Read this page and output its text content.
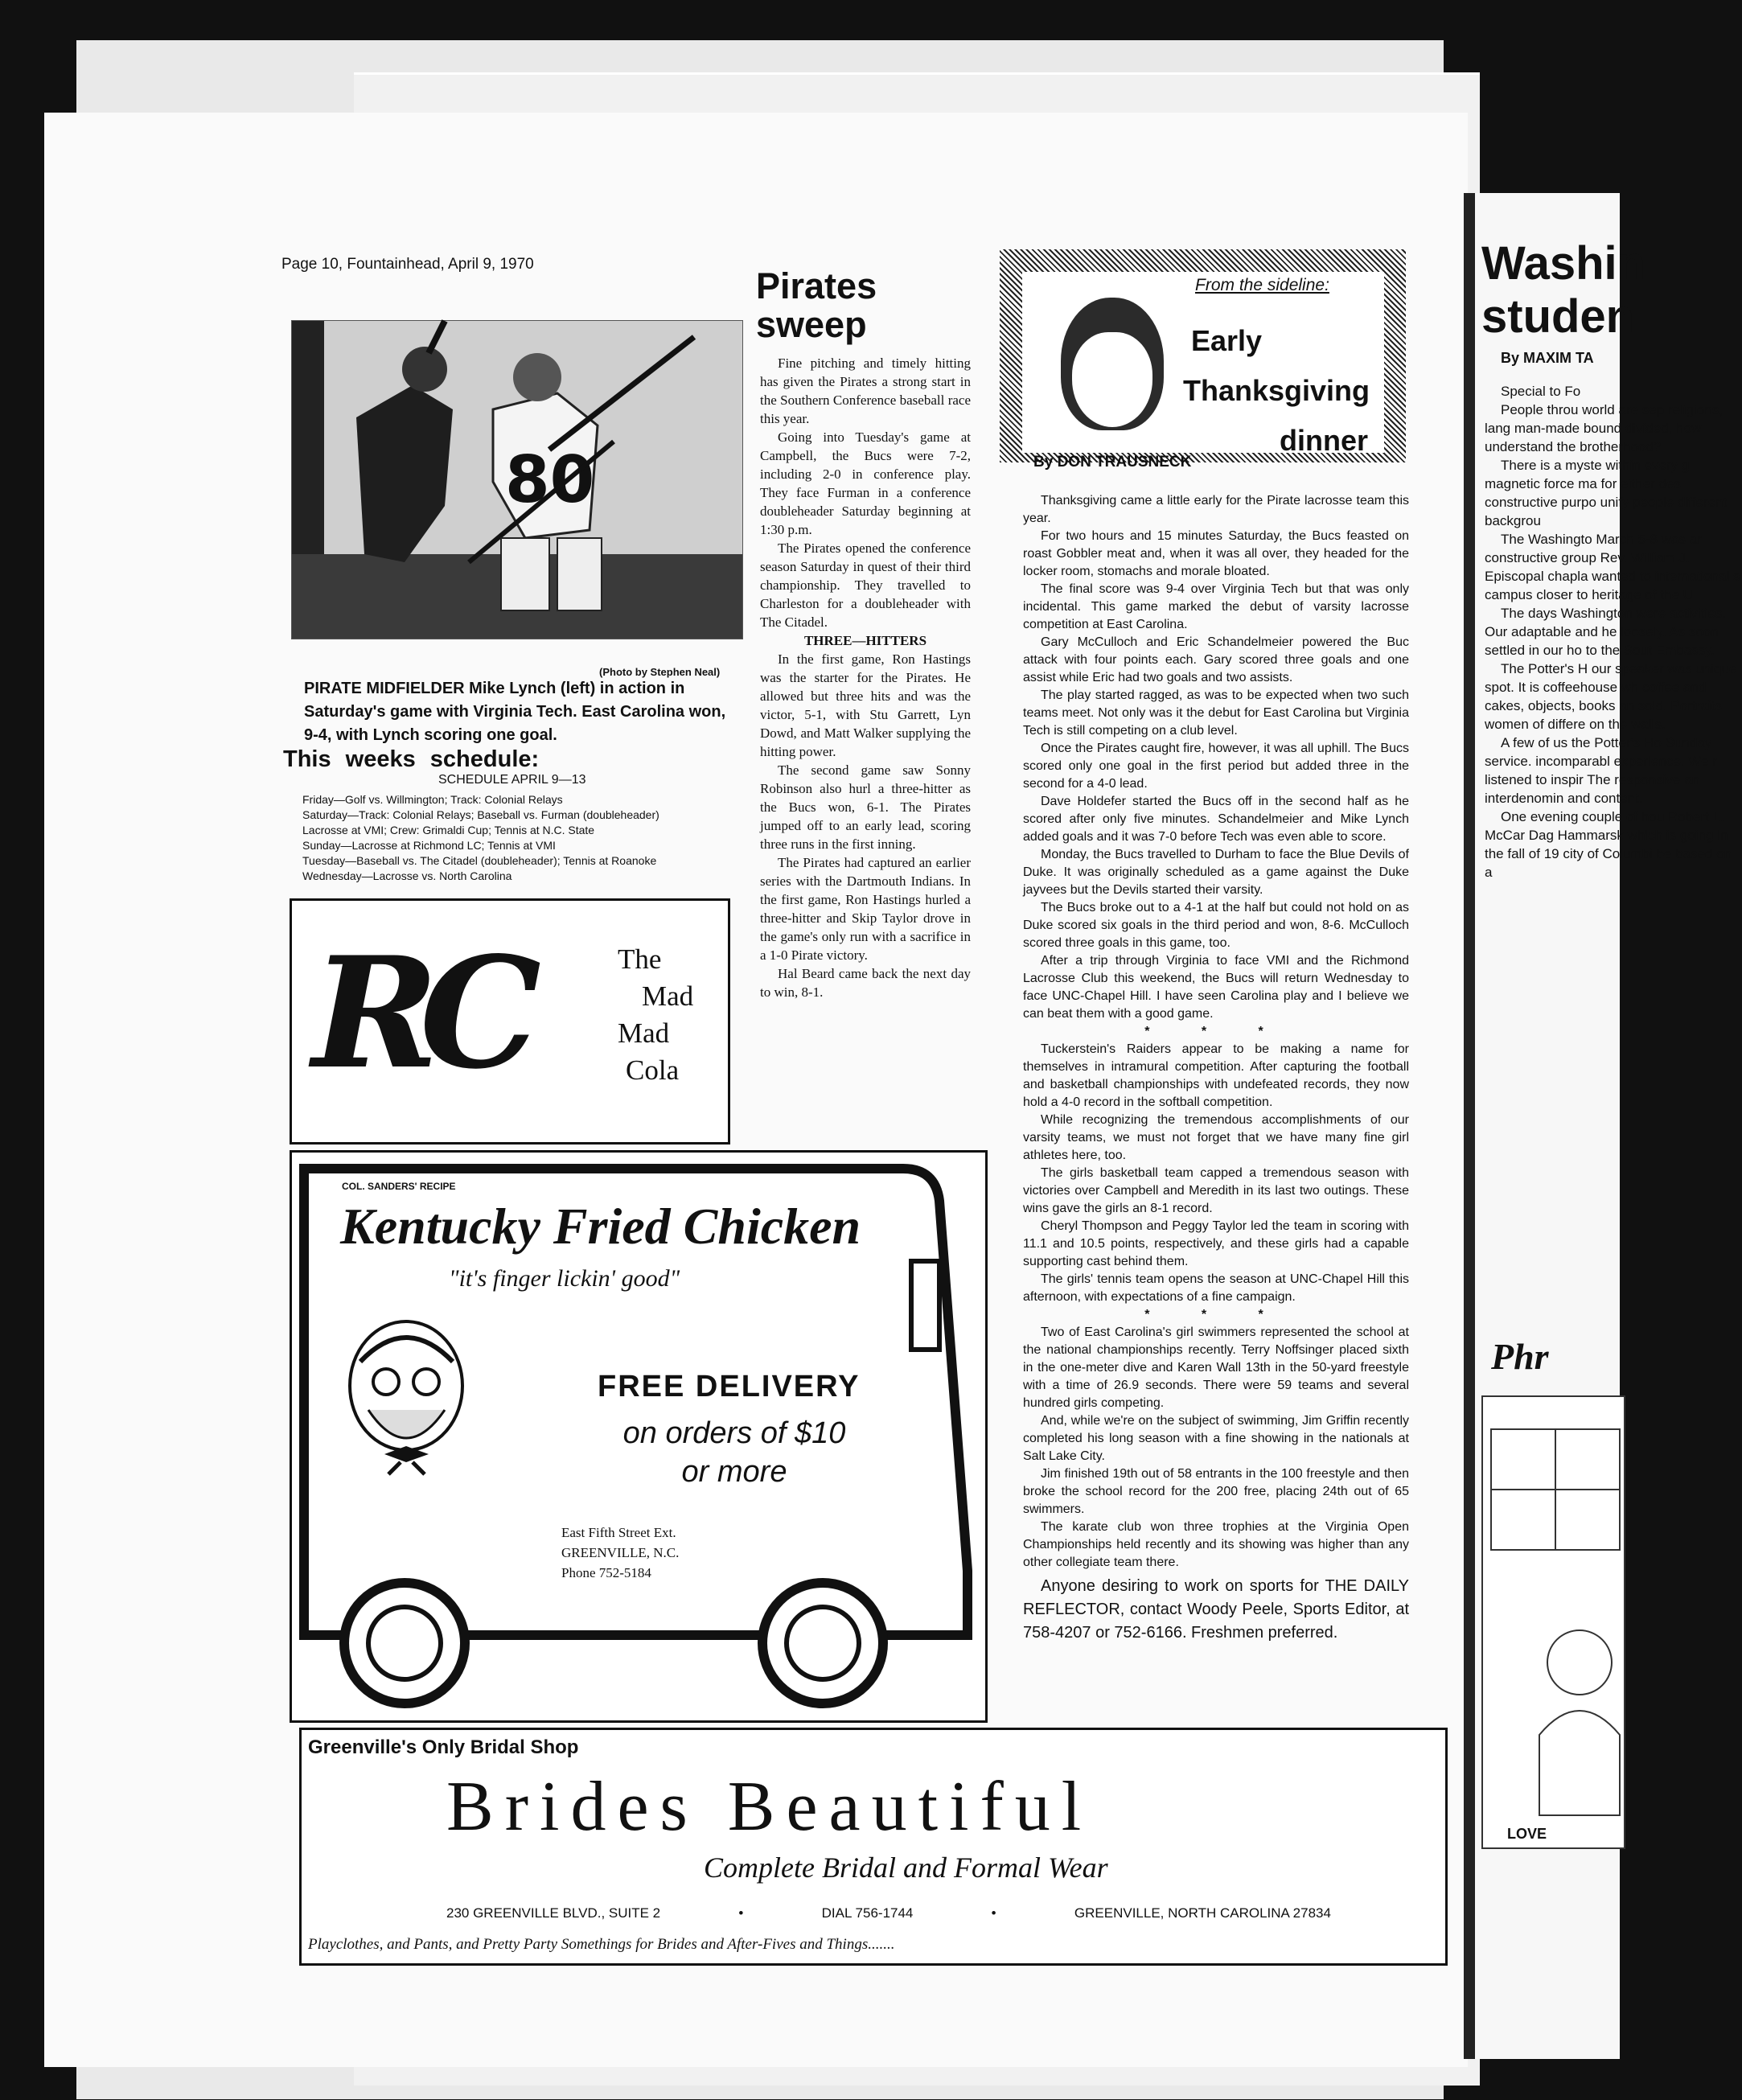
Page 10, Fountainhead, April 9, 1970
80
(Photo by Stephen Neal)
PIRATE MIDFIELDER Mike Lynch (left) in action in Saturday's game with Virginia Tech. East Carolina won, 9-4, with Lynch scoring one goal.
This weeks schedule:
SCHEDULE APRIL 9—13
Friday—Golf vs. Willmington; Track: Colonial Relays
Saturday—Track: Colonial Relays; Baseball vs. Furman (doubleheader)
Lacrosse at VMI; Crew: Grimaldi Cup; Tennis at N.C. State
Sunday—Lacrosse at Richmond LC; Tennis at VMI
Tuesday—Baseball vs. The Citadel (doubleheader); Tennis at Roanoke
Wednesday—Lacrosse vs. North Carolina
RC	The
Mad
Mad
Cola
Pirates
sweep

Fine pitching and timely hitting has given the Pirates a strong start in the Southern Conference baseball race this year.

Going into Tuesday's game at Campbell, the Bucs were 7-2, including 2-0 in conference play. They face Furman in a conference doubleheader Saturday beginning at 1:30 p.m.

The Pirates opened the conference season Saturday in quest of their third championship. They travelled to Charleston for a doubleheader with The Citadel.

THREE—HITTERS

In the first game, Ron Hastings was the starter for the Pirates. He allowed but three hits and was the victor, 5-1, with Stu Garrett, Lyn Dowd, and Matt Walker supplying the hitting power.

The second game saw Sonny Robinson also hurl a three-hitter as the Bucs won, 6-1. The Pirates jumped off to an early lead, scoring three runs in the first inning.

The Pirates had captured an earlier series with the Dartmouth Indians. In the first game, Ron Hastings hurled a three-hitter and Skip Taylor drove in the game's only run with a sacrifice in a 1-0 Pirate victory.

Hal Beard came back the next day to win, 8-1.

From the sideline:
Early
Thanksgiving
dinner
By DON TRAUSNECK

Thanksgiving came a little early for the Pirate lacrosse team this year.

For two hours and 15 minutes Saturday, the Bucs feasted on roast Gobbler meat and, when it was all over, they headed for the locker room, stomachs and morale bloated.

The final score was 9-4 over Virginia Tech but that was only incidental. This game marked the debut of varsity lacrosse competition at East Carolina.

Gary McCulloch and Eric Schandelmeier powered the Buc attack with four points each. Gary scored three goals and one assist while Eric had two goals and two assists.

The play started ragged, as was to be expected when two such teams meet. Not only was it the debut for East Carolina but Virginia Tech is still competing on a club level.

Once the Pirates caught fire, however, it was all uphill. The Bucs scored only one goal in the first period but added three in the second for a 4-0 lead.

Dave Holdefer started the Bucs off in the second half as he scored after only five minutes. Schandelmeier and Mike Lynch added goals and it was 7-0 before Tech was even able to score.

Monday, the Bucs travelled to Durham to face the Blue Devils of Duke. It was originally scheduled as a game against the Duke jayvees but the Devils started their varsity.

The Bucs broke out to a 4-1 at the half but could not hold on as Duke scored six goals in the third period and won, 8-6. McCulloch scored three goals in this game, too.

After a trip through Virginia to face VMI and the Richmond Lacrosse Club this weekend, the Bucs will return Wednesday to face UNC-Chapel Hill. I have seen Carolina play and I believe we can beat them with a good game.

* * *

Tuckerstein's Raiders appear to be making a name for themselves in intramural competition. After capturing the football and basketball championships with undefeated records, they now hold a 4-0 record in the softball competition.

While recognizing the tremendous accomplishments of our varsity teams, we must not forget that we have many fine girl athletes here, too.

The girls basketball team capped a tremendous season with victories over Campbell and Meredith in its last two outings. These wins gave the girls an 8-1 record.

Cheryl Thompson and Peggy Taylor led the team in scoring with 11.1 and 10.5 points, respectively, and these girls had a capable supporting cast behind them.

The girls' tennis team opens the season at UNC-Chapel Hill this afternoon, with expectations of a fine campaign.

* * *

Two of East Carolina's girl swimmers represented the school at the national championships recently. Terry Noffsinger placed sixth in the one-meter dive and Karen Wall 13th in the 50-yard freestyle with a time of 26.9 seconds. There were 59 teams and several hundred girls competing.

And, while we're on the subject of swimming, Jim Griffin recently completed his long season with a fine showing in the nationals at Salt Lake City.

Jim finished 19th out of 58 entrants in the 100 freestyle and then broke the school record for the 200 free, placing 24th out of 65 swimmers.

The karate club won three trophies at the Virginia Open Championships held recently and its showing was higher than any other collegiate team there.

Anyone desiring to work on sports for THE DAILY REFLECTOR, contact Woody Peele, Sports Editor, at 758-4207 or 752-6166. Freshmen preferred.

COL. SANDERS' RECIPE
Kentucky Fried Chicken
"it's finger lickin' good"
FREE DELIVERY
on orders of $10
or more
East Fifth Street Ext.
GREENVILLE, N.C.
Phone 752-5184
Greenville's Only Bridal Shop
Brides Beautiful
Complete Bridal and Formal Wear
230 GREENVILLE BLVD., SUITE 2	•	DIAL 756-1744	•	GREENVILLE, NORTH CAROLINA 27834
Playclothes, and Pants, and Pretty Party Somethings for Brides and After-Fives and Things.......
Washin
studen
By MAXIM TA

Special to Fo

People throu world are sep religions, lang man-made bound divided, how understand the brotherhood?

There is a myste within every g magnetic force ma for either des constructive purpo unify people different backgrou

The Washingto March 5-8 was ar constructive group Rev. William J. Episcopal chapla wanted to international s campus closer to heritage of the U

The days Washington were activities. Our adaptable and he loosely. As soon settled in our ho to the Sout Embassy.

The Potter's H our speaker was unique spot. It is coffeehouse wh coffee and cakes, objects, books an sold. Portraits women of differe on the walls.

A few of us the Potter's Ho Sunday service. incomparabl experience. We r listened to inspir The responsive an interdenomin and content.

One evening couple of hou Robert L. McCar Dag Hammarsk which is going in the fall of 19 city of Columbi be based on a

Phr
LOVE
